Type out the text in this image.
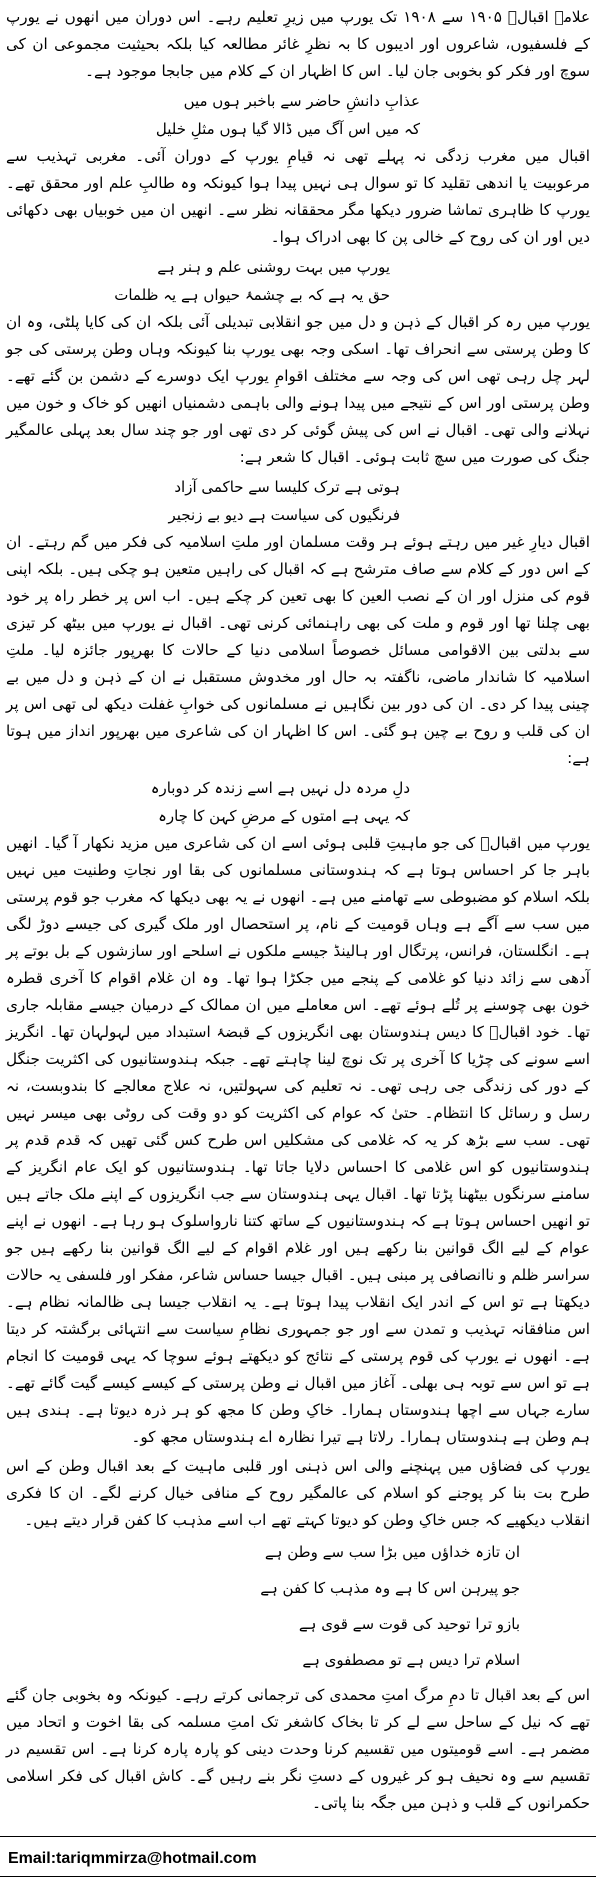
علامہ اقبالؒ ۱۹۰۵ سے ۱۹۰۸ تک یورپ میں زیرِ تعلیم رہے۔ اس دوران میں انھوں نے یورپ کے فلسفیوں، شاعروں اور ادیبوں کا بہ نظرِ غائر مطالعہ کیا بلکہ بحیثیت مجموعی ان کی سوچ اور فکر کو بخوبی جان لیا۔ اس کا اظہار ان کے کلام میں جابجا موجود ہے۔

عذابِ دانشِ حاضر سے باخبر ہوں میں
کہ میں اس آگ میں ڈالا گیا ہوں مثلِ خلیل

اقبال میں مغرب زدگی نہ پہلے تھی نہ قیامِ یورپ کے دوران آئی۔ مغربی تہذیب سے مرعوبیت یا اندھی تقلید کا تو سوال ہی نہیں پیدا ہوا کیونکہ وہ طالبِ علم اور محقق تھے۔ یورپ کا ظاہری تماشا ضرور دیکھا مگر محققانہ نظر سے۔ انھیں ان میں خوبیاں بھی دکھائی دیں اور ان کی روح کے خالی پن کا بھی ادراک ہوا۔

یورپ میں بہت روشنی علم و ہنر ہے
حق یہ ہے کہ بے چشمۂ حیواں ہے یہ ظلمات

یورپ میں رہ کر اقبال کے ذہن و دل میں جو انقلابی تبدیلی آئی بلکہ ان کی کایا پلٹی، وہ ان کا وطن پرستی سے انحراف تھا۔ اسکی وجہ بھی یورپ بنا کیونکہ وہاں وطن پرستی کی جو لہر چل رہی تھی اس کی وجہ سے مختلف اقوامِ یورپ ایک دوسرے کے دشمن بن گئے تھے۔ وطن پرستی اور اس کے نتیجے میں پیدا ہونے والی باہمی دشمنیاں انھیں کو خاک و خون میں نہلانے والی تھی۔ اقبال نے اس کی پیش گوئی کر دی تھی اور جو چند سال بعد پہلی عالمگیر جنگ کی صورت میں سچ ثابت ہوئی۔ اقبال کا شعر ہے:

ہوتی ہے ترک کلیسا سے حاکمی آزاد
فرنگیوں کی سیاست ہے دیو بے زنجیر

اقبال دیارِ غیر میں رہتے ہوئے ہر وقت مسلمان اور ملتِ اسلامیہ کی فکر میں گم رہتے۔ ان کے اس دور کے کلام سے صاف مترشح ہے کہ اقبال کی راہیں متعین ہو چکی ہیں۔ بلکہ اپنی قوم کی منزل اور ان کے نصب العین کا بھی تعین کر چکے ہیں۔ اب اس پر خطر راہ پر خود بھی چلنا تھا اور قوم و ملت کی بھی راہنمائی کرنی تھی۔ اقبال نے یورپ میں بیٹھ کر تیزی سے بدلتی بین الاقوامی مسائل خصوصاً اسلامی دنیا کے حالات کا بھرپور جائزہ لیا۔ ملتِ اسلامیہ کا شاندار ماضی، ناگفتہ بہ حال اور مخدوش مستقبل نے ان کے ذہن و دل میں بے چینی پیدا کر دی۔ ان کی دور بین نگاہیں نے مسلمانوں کی خوابِ غفلت دیکھ لی تھی اس پر ان کی قلب و روح بے چین ہو گئی۔ اس کا اظہار ان کی شاعری میں بھرپور انداز میں ہوتا ہے:

دلِ مردہ دل نہیں ہے اسے زندہ کر دوبارہ
کہ یہی ہے امتوں کے مرضِ کہن کا چارہ

یورپ میں اقبالؒ کی جو ماہیتِ قلبی ہوئی اسے ان کی شاعری میں مزید نکھار آ گیا۔ انھیں باہر جا کر احساس ہوتا ہے کہ ہندوستانی مسلمانوں کی بقا اور نجاتِ وطنیت میں نہیں بلکہ اسلام کو مضبوطی سے تھامنے میں ہے۔ انھوں نے یہ بھی دیکھا کہ مغرب جو قوم پرستی میں سب سے آگے ہے وہاں قومیت کے نام، پر استحصال اور ملک گیری کی جیسے دوڑ لگی ہے۔ انگلستان، فرانس، پرتگال اور ہالینڈ جیسے ملکوں نے اسلحے اور سازشوں کے بل بوتے پر آدھی سے زائد دنیا کو غلامی کے پنجے میں جکڑا ہوا تھا۔ وہ ان غلام اقوام کا آخری قطرہ خون بھی چوسنے پر تُلے ہوئے تھے۔ اس معاملے میں ان ممالک کے درمیان جیسے مقابلہ جاری تھا۔ خود اقبالؒ کا دیس ہندوستان بھی انگریزوں کے قبضۂ استبداد میں لہولہان تھا۔ انگریز اسے سونے کی چڑیا کا آخری پر تک نوچ لینا چاہتے تھے۔ جبکہ ہندوستانیوں کی اکثریت جنگل کے دور کی زندگی جی رہی تھی۔ نہ تعلیم کی سہولتیں، نہ علاج معالجے کا بندوبست، نہ رسل و رسائل کا انتظام۔ حتیٰ کہ عوام کی اکثریت کو دو وقت کی روٹی بھی میسر نہیں تھی۔ سب سے بڑھ کر یہ کہ غلامی کی مشکلیں اس طرح کس گئی تھیں کہ قدم قدم پر ہندوستانیوں کو اس غلامی کا احساس دلایا جاتا تھا۔ ہندوستانیوں کو ایک عام انگریز کے سامنے سرنگوں بیٹھنا پڑتا تھا۔ اقبال یہی ہندوستان سے جب انگریزوں کے اپنے ملک جاتے ہیں تو انھیں احساس ہوتا ہے کہ ہندوستانیوں کے ساتھ کتنا نارواسلوک ہو رہا ہے۔ انھوں نے اپنے عوام کے لیے الگ قوانین بنا رکھے ہیں اور غلام اقوام کے لیے الگ قوانین بنا رکھے ہیں جو سراسر ظلم و ناانصافی پر مبنی ہیں۔ اقبال جیسا حساس شاعر، مفکر اور فلسفی یہ حالات دیکھتا ہے تو اس کے اندر ایک انقلاب پیدا ہوتا ہے۔ یہ انقلاب جیسا ہی ظالمانہ نظام ہے۔ اس منافقانہ تہذیب و تمدن سے اور جو جمہوری نظامِ سیاست سے انتہائی برگشتہ کر دیتا ہے۔ انھوں نے یورپ کی قوم پرستی کے نتائج کو دیکھتے ہوئے سوچا کہ یہی قومیت کا انجام ہے تو اس سے توبہ ہی بھلی۔ آغاز میں اقبال نے وطن پرستی کے کیسے کیسے گیت گائے تھے۔ سارے جہاں سے اچھا ہندوستاں ہمارا۔ خاکِ وطن کا مجھ کو ہر ذرہ دیوتا ہے۔ ہندی ہیں ہم وطن ہے ہندوستاں ہمارا۔ رلاتا ہے تیرا نظارہ اے ہندوستاں مجھ کو۔

یورپ کی فضاؤں میں پہنچنے والی اس ذہنی اور قلبی ماہیت کے بعد اقبال وطن کے اس طرح بت بنا کر پوجنے کو اسلام کی عالمگیر روح کے منافی خیال کرنے لگے۔ ان کا فکری انقلاب دیکھیے کہ جس خاکِ وطن کو دیوتا کہتے تھے اب اسے مذہب کا کفن قرار دیتے ہیں۔

ان تازہ خداؤں میں بڑا سب سے وطن ہے
جو پیرہن اس کا ہے وہ مذہب کا کفن ہے
بازو ترا توحید کی قوت سے قوی ہے
اسلام ترا دیس ہے تو مصطفوی ہے

اس کے بعد اقبال تا دمِ مرگ امتِ محمدی کی ترجمانی کرتے رہے۔ کیونکہ وہ بخوبی جان گئے تھے کہ نیل کے ساحل سے لے کر تا بخاک کاشغر تک امتِ مسلمہ کی بقا اخوت و اتحاد میں مضمر ہے۔ اسے قومیتوں میں تقسیم کرنا وحدت دینی کو پارہ پارہ کرنا ہے۔ اس تقسیم در تقسیم سے وہ نحیف ہو کر غیروں کے دستِ نگر بنے رہیں گے۔ کاش اقبال کی فکر اسلامی حکمرانوں کے قلب و ذہن میں جگہ بنا پاتی۔

Email:tariqmmirza@hotmail.com
